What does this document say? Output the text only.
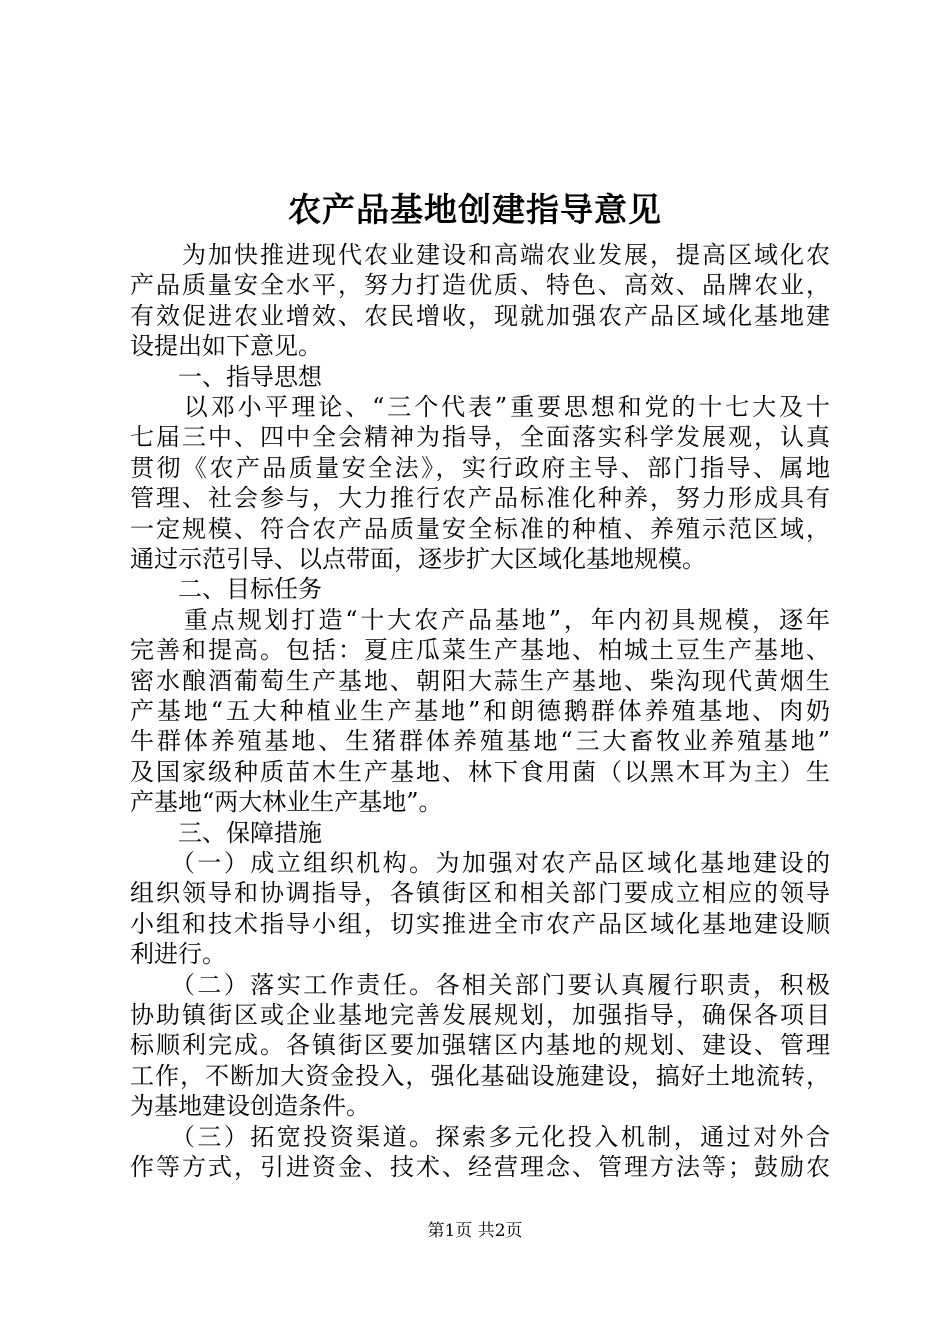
农产品基地创建指导意见
　　为加快推进现代农业建设和高端农业发展，提高区域化农
产品质量安全水平，努力打造优质、特色、高效、品牌农业，
有效促进农业增效、农民增收，现就加强农产品区域化基地建
设提出如下意见。
　　一、指导思想
　　以邓小平理论、“三个代表”重要思想和党的十七大及十
七届三中、四中全会精神为指导，全面落实科学发展观，认真
贯彻《农产品质量安全法》，实行政府主导、部门指导、属地
管理、社会参与，大力推行农产品标准化种养，努力形成具有
一定规模、符合农产品质量安全标准的种植、养殖示范区域，
通过示范引导、以点带面，逐步扩大区域化基地规模。
　　二、目标任务
　　重点规划打造“十大农产品基地”，年内初具规模，逐年
完善和提高。包括：夏庄瓜菜生产基地、柏城土豆生产基地、
密水酿酒葡萄生产基地、朝阳大蒜生产基地、柴沟现代黄烟生
产基地“五大种植业生产基地”和朗德鹅群体养殖基地、肉奶
牛群体养殖基地、生猪群体养殖基地“三大畜牧业养殖基地”
及国家级种质苗木生产基地、林下食用菌（以黑木耳为主）生
产基地“两大林业生产基地”。
　　三、保障措施
　　（一）成立组织机构。为加强对农产品区域化基地建设的
组织领导和协调指导，各镇街区和相关部门要成立相应的领导
小组和技术指导小组，切实推进全市农产品区域化基地建设顺
利进行。
　　（二）落实工作责任。各相关部门要认真履行职责，积极
协助镇街区或企业基地完善发展规划，加强指导，确保各项目
标顺利完成。各镇街区要加强辖区内基地的规划、建设、管理
工作，不断加大资金投入，强化基础设施建设，搞好土地流转，
为基地建设创造条件。
　　（三）拓宽投资渠道。探索多元化投入机制，通过对外合
作等方式，引进资金、技术、经营理念、管理方法等；鼓励农
第1页 共2页
